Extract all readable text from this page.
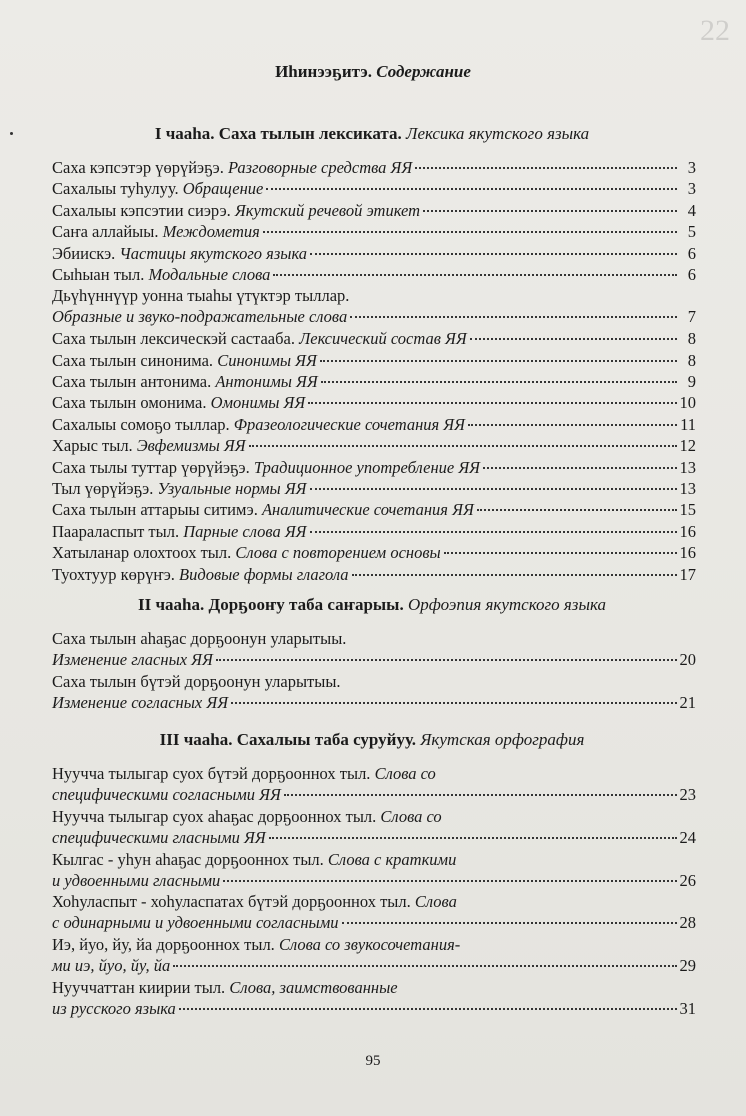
22
Иһинээҕитэ. Содержание
95
I чааһа. Саха тылын лексиката. Лексика якутского языка
Саха кэпсэтэр үөрүйэҕэ. Разговорные средства ЯЯ	3
Сахалыы туһулуу. Обращение	3
Сахалыы кэпсэтии сиэрэ. Якутский речевой этикет	4
Саҥа аллайыы. Междометия	5
Эбиискэ. Частицы якутского языка	6
Сыһыан тыл. Модальные слова	6
Дьүһүннүүр уонна тыаһы үтүктэр тыллар.
Образные и звуко-подражательные слова	7
Саха тылын лексическэй састааба. Лексический состав ЯЯ	8
Саха тылын синонима. Синонимы ЯЯ	8
Саха тылын антонима. Антонимы ЯЯ	9
Саха тылын омонима. Омонимы ЯЯ	10
Сахалыы сомоҕо тыллар. Фразеологические сочетания ЯЯ	11
Харыс тыл. Эвфемизмы ЯЯ	12
Саха тылы туттар үөрүйэҕэ. Традиционное употребление ЯЯ	13
Тыл үөрүйэҕэ. Узуальные нормы ЯЯ	13
Саха тылын аттарыы ситимэ. Аналитические сочетания ЯЯ	15
Паараласпыт тыл. Парные слова ЯЯ	16
Хатыланар олохтоох тыл. Слова с повторением основы	16
Туохтуур көрүҥэ. Видовые формы глагола	17
II чааһа. Дорҕооҥу таба саҥарыы. Орфоэпия якутского языка
Саха тылын аһаҕас дорҕоонун уларытыы.
Изменение гласных ЯЯ	20
Саха тылын бүтэй дорҕоонун уларытыы.
Изменение согласных ЯЯ	21
III чааһа. Сахалыы таба суруйуу. Якутская орфография
Нуучча тылыгар суох бүтэй дорҕооннох тыл. Слова со
специфическими согласными ЯЯ	23
Нуучча тылыгар суох аһаҕас дорҕооннох тыл. Слова со
специфическими гласными ЯЯ	24
Кылгас - уһун аһаҕас дорҕооннох тыл. Слова с краткими
и удвоенными гласными	26
Хоһуласпыт - хоһуласпатах бүтэй дорҕооннох тыл. Слова
с одинарными и удвоенными согласными	28
Иэ, йуо, йу, йа дорҕооннох тыл. Слова со звукосочетания-
ми иэ, йуо, йу, йа	29
Нууччаттан киирии тыл. Слова, заимствованные
из русского языка	31
